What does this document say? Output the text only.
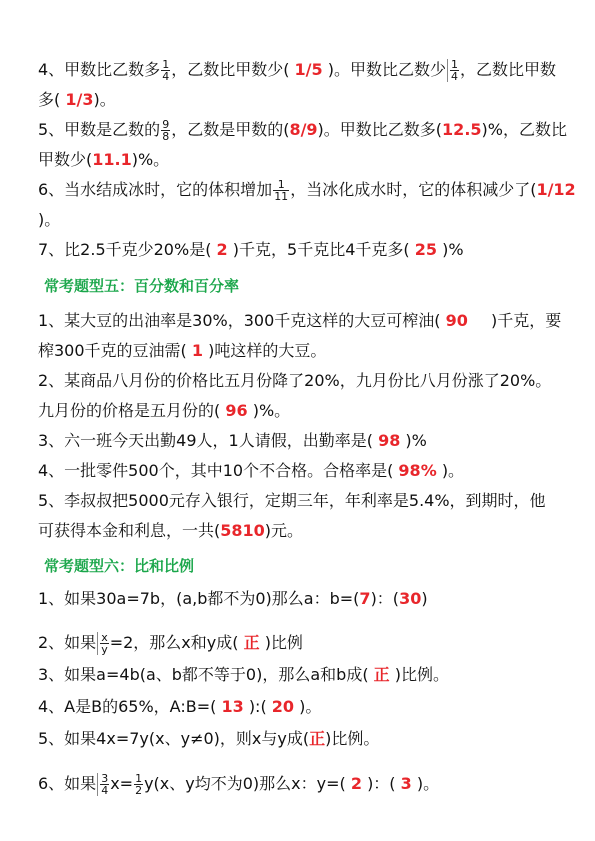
4、甲数比乙数多 $\frac{1}{4}$ ，乙数比甲数少( 1/5 )。甲数比乙数少 $\frac{1}{4}$ ，乙数比甲数
多( 1/3)。
5、甲数是乙数的 $\frac{9}{8}$ ，乙数是甲数的(8/9)。甲数比乙数多(12.5)%，乙数比
甲数少(11.1)%。
6、当水结成冰时，它的体积增加 $\frac{1}{11}$ ，当冰化成水时，它的体积减少了(1/12
)。
7、比2.5千克少20%是( 2 )千克，5千克比4千克多( 25 )%
常考题型五：百分数和百分率
1、某大豆的出油率是30%，300千克这样的大豆可榨油( 90 )千克，要
榨300千克的豆油需( 1 )吨这样的大豆。
2、某商品八月份的价格比五月份降了20%，九月份比八月份涨了20%。
九月份的价格是五月份的( 96 )%。
3、六一班今天出勤49人，1人请假，出勤率是( 98 )%
4、一批零件500个，其中10个不合格。合格率是( 98% )。
5、李叔叔把5000元存入银行，定期三年，年利率是5.4%，到期时，他
可获得本金和利息，一共(5810)元。
常考题型六：比和比例
1、如果30a=7b，(a,b都不为0)那么a：b=(7)：(30)
2、如果 $\frac{x}{y} =2$，那么x和y成( 正 )比例
3、如果a=4b(a、b都不等于0)，那么a和b成( 正 )比例。
4、A是B的65%，A:B=( 13 ):( 20 )。
5、如果4x=7y(x、y≠0)，则x与y成(正)比例。
6、如果 $\frac{3}{4} x= \frac{1}{2} y(x$、y均不为0)那么x：y=( 2 )：( 3 )。
